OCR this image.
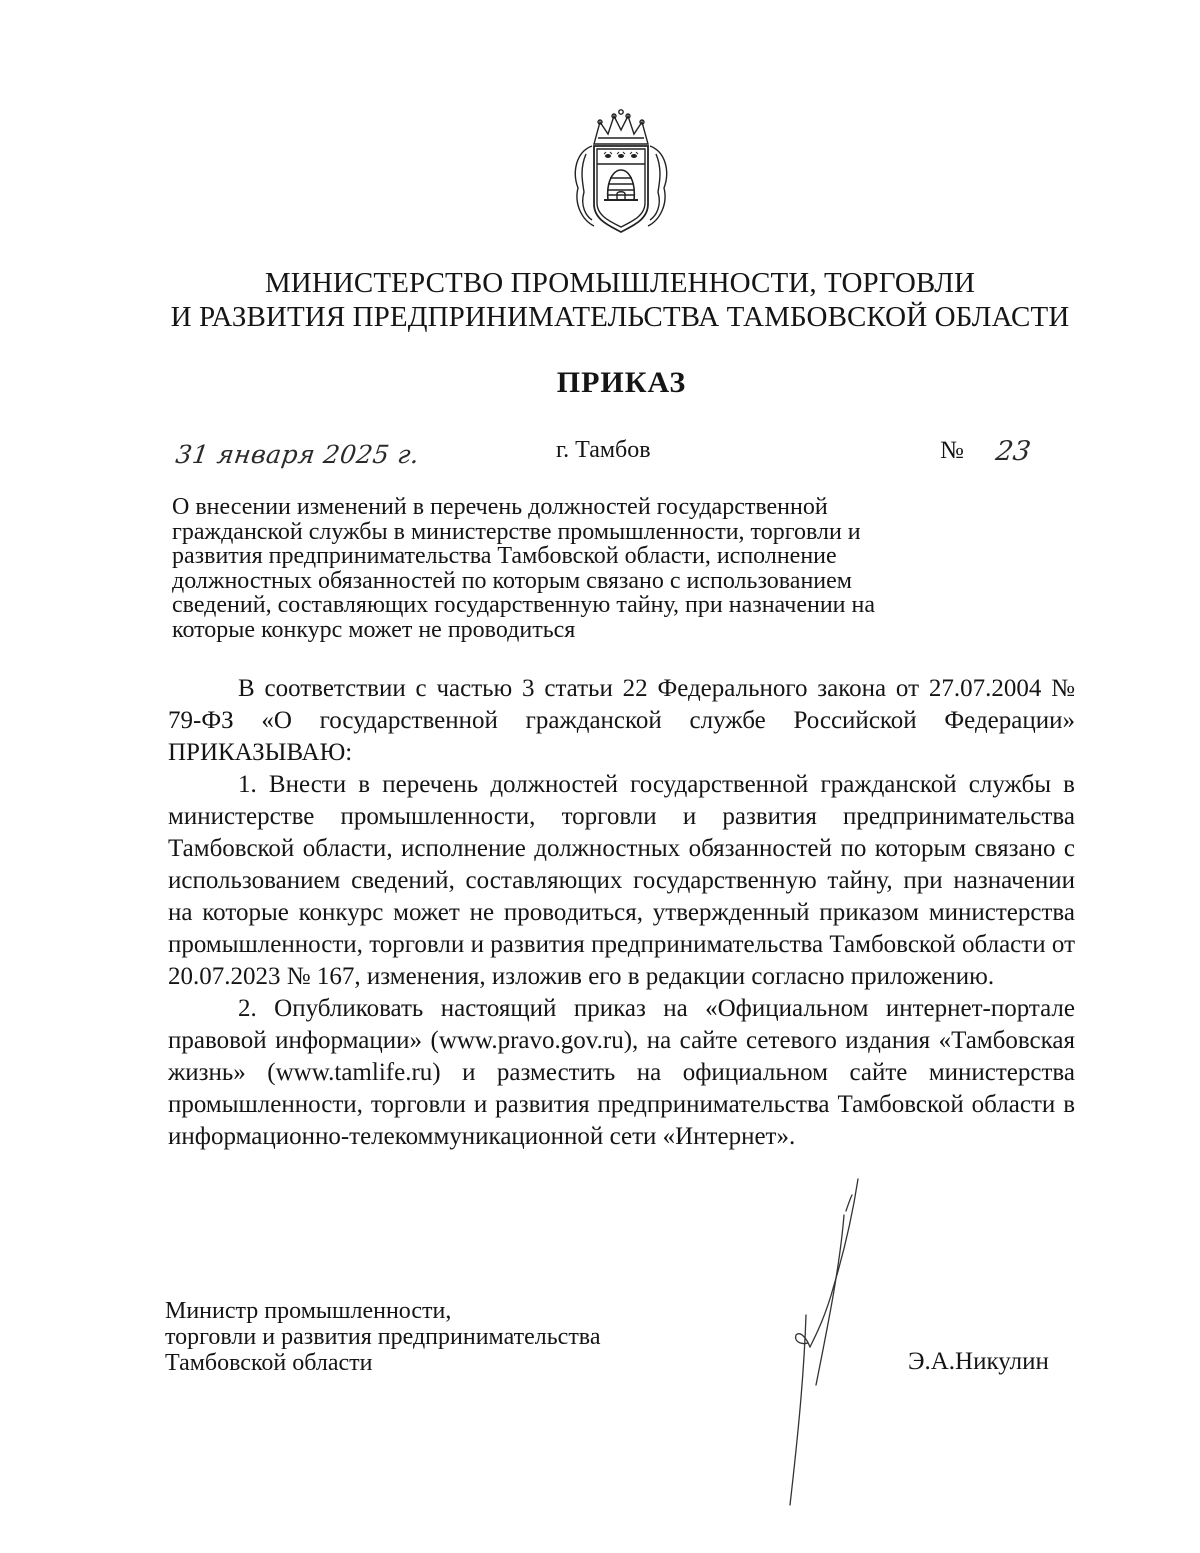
МИНИСТЕРСТВО ПРОМЫШЛЕННОСТИ, ТОРГОВЛИ
И РАЗВИТИЯ ПРЕДПРИНИМАТЕЛЬСТВА ТАМБОВСКОЙ ОБЛАСТИ
ПРИКАЗ
31 января 2025 г.	г. Тамбов	№ 23
О внесении изменений в перечень должностей государственной
гражданской службы в министерстве промышленности, торговли и
развития предпринимательства Тамбовской области, исполнение
должностных обязанностей по которым связано с использованием
сведений, составляющих государственную тайну, при назначении на
которые конкурс может не проводиться

В соответствии с частью 3 статьи 22 Федерального закона от 27.07.2004 № 79-ФЗ «О государственной гражданской службе Российской Федерации» ПРИКАЗЫВАЮ:

1. Внести в перечень должностей государственной гражданской службы в министерстве промышленности, торговли и развития предпринимательства Тамбовской области, исполнение должностных обязанностей по которым связано с использованием сведений, составляющих государственную тайну, при назначении на которые конкурс может не проводиться, утвержденный приказом министерства промышленности, торговли и развития предпринимательства Тамбовской области от 20.07.2023 № 167, изменения, изложив его в редакции согласно приложению.

2. Опубликовать настоящий приказ на «Официальном интернет-портале правовой информации» (www.pravo.gov.ru), на сайте сетевого издания «Тамбовская жизнь» (www.tamlife.ru) и разместить на официальном сайте министерства промышленности, торговли и развития предпринимательства Тамбовской области в информационно-телекоммуникационной сети «Интернет».

Министр промышленности,
торговли и развития предпринимательства
Тамбовской области	Э.А.Никулин
